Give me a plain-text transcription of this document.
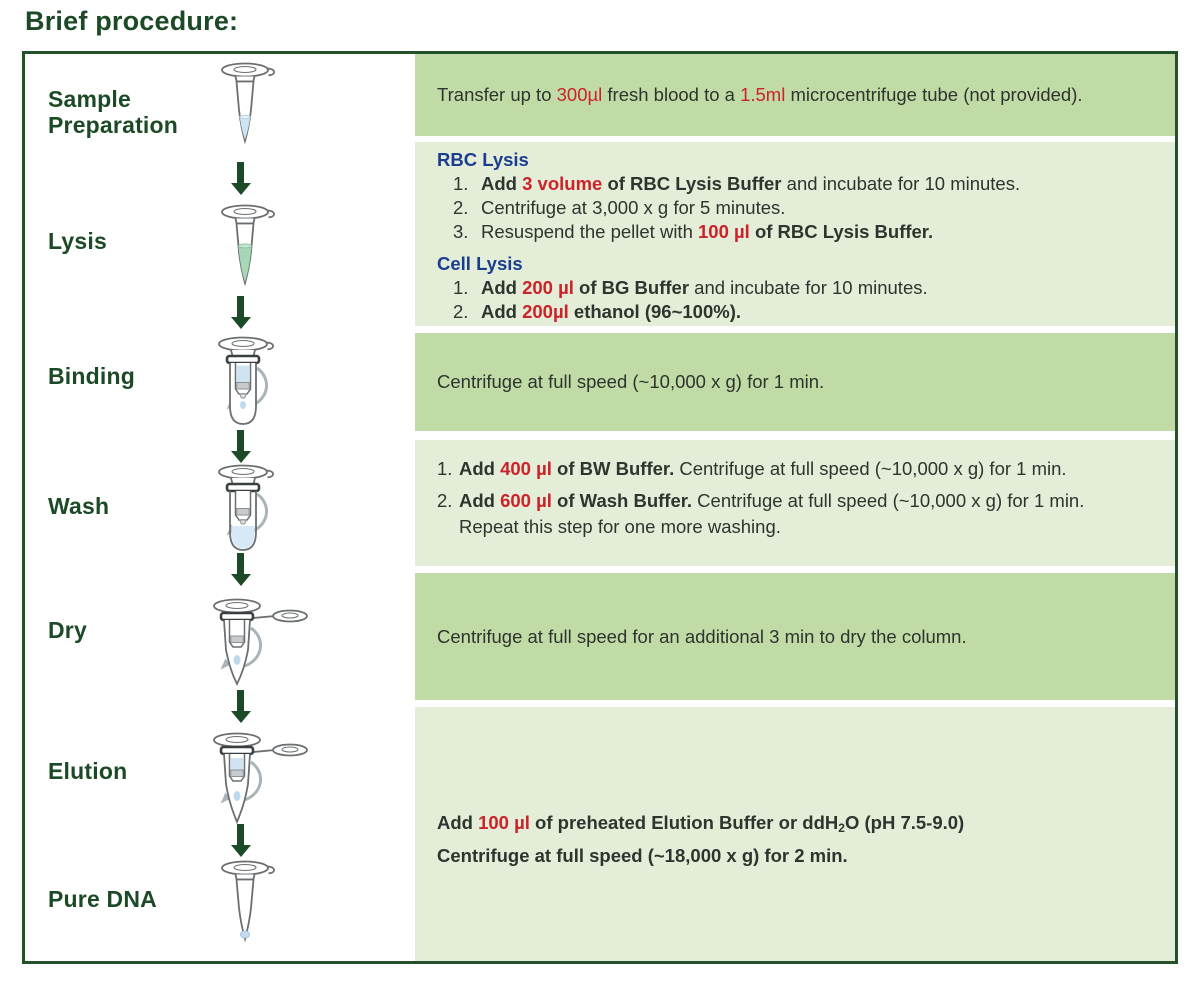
Brief procedure:
Sample Preparation
Lysis
Binding
Wash
Dry
Elution
Pure DNA
Transfer up to 300µl fresh blood to a 1.5ml microcentrifuge tube (not provided).
RBC Lysis
1. Add 3 volume of RBC Lysis Buffer and incubate for 10 minutes.
2. Centrifuge at 3,000 x g for 5 minutes.
3. Resuspend the pellet with 100 µl of RBC Lysis Buffer.
Cell Lysis
1. Add 200 µl of BG Buffer and incubate for 10 minutes.
2. Add 200µl ethanol (96~100%).
Centrifuge at full speed (~10,000 x g) for 1 min.
1. Add 400 µl of BW Buffer. Centrifuge at full speed (~10,000 x g) for 1 min.
2. Add 600 µl of Wash Buffer. Centrifuge at full speed (~10,000 x g) for 1 min.
Repeat this step for one more washing.
Centrifuge at full speed for an additional 3 min to dry the column.
Add 100 µl of preheated Elution Buffer or ddH$_2$O (pH 7.5-9.0)
Centrifuge at full speed (~18,000 x g) for 2 min.
